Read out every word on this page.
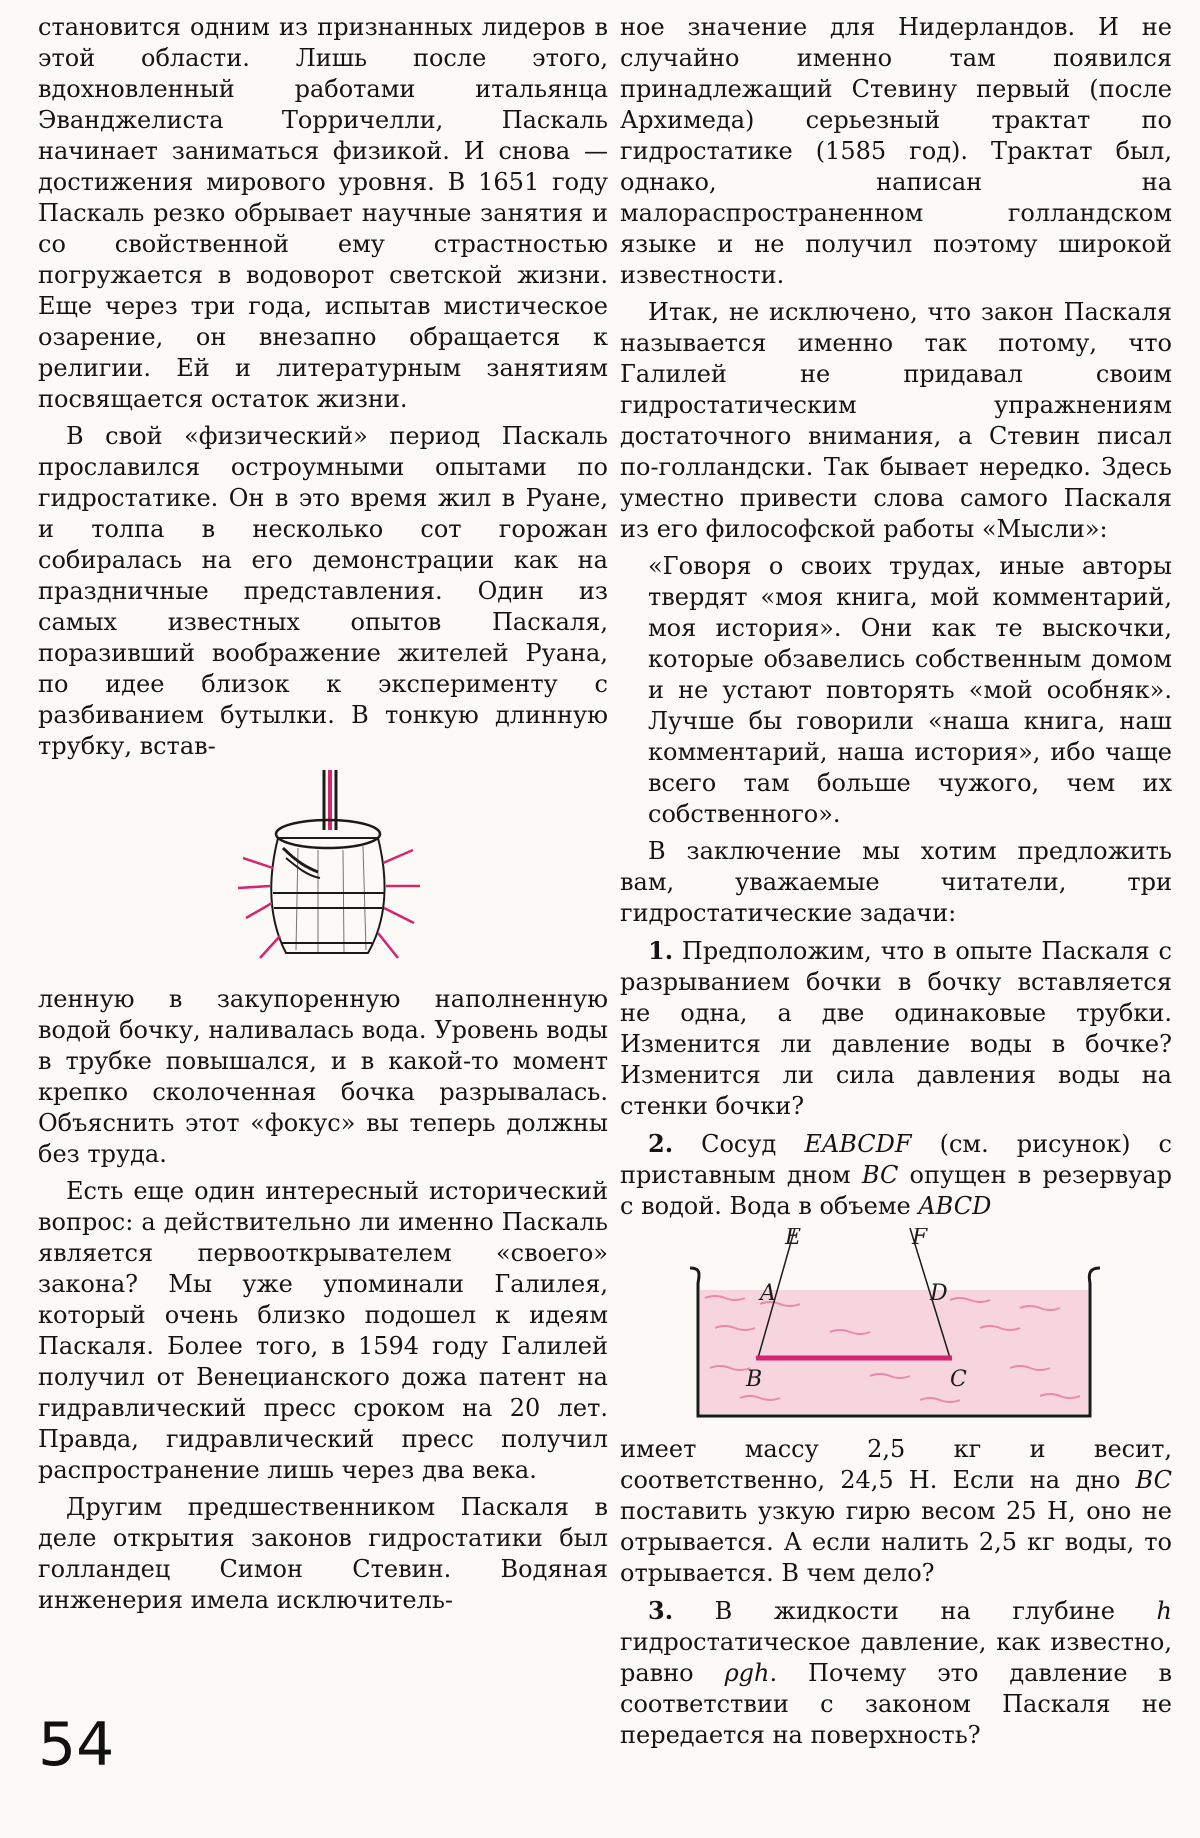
становится одним из признанных лидеров в этой области. Лишь после этого, вдохновленный работами итальянца Эванджелиста Торричелли, Паскаль начинает заниматься физикой. И снова — достижения мирового уровня. В 1651 году Паскаль резко обрывает научные занятия и со свойственной ему страстностью погружается в водоворот светской жизни. Еще через три года, испытав мистическое озарение, он внезапно обращается к религии. Ей и литературным занятиям посвящается остаток жизни.

В свой «физический» период Паскаль прославился остроумными опытами по гидростатике. Он в это время жил в Руане, и толпа в несколько сот горожан собиралась на его демонстрации как на праздничные представления. Один из самых известных опытов Паскаля, поразивший воображение жителей Руана, по идее близок к эксперименту с разбиванием бутылки. В тонкую длинную трубку, встав-

ленную в закупоренную наполненную водой бочку, наливалась вода. Уровень воды в трубке повышался, и в какой-то момент крепко сколоченная бочка разрывалась. Объяснить этот «фокус» вы теперь должны без труда.

Есть еще один интересный исторический вопрос: а действительно ли именно Паскаль является первооткрывателем «своего» закона? Мы уже упоминали Галилея, который очень близко подошел к идеям Паскаля. Более того, в 1594 году Галилей получил от Венецианского дожа патент на гидравлический пресс сроком на 20 лет. Правда, гидравлический пресс получил распространение лишь через два века.

Другим предшественником Паскаля в деле открытия законов гидростатики был голландец Симон Стевин. Водяная инженерия имела исключитель-

ное значение для Нидерландов. И не случайно именно там появился принадлежащий Стевину первый (после Архимеда) серьезный трактат по гидростатике (1585 год). Трактат был, однако, написан на малораспространенном голландском языке и не получил поэтому широкой известности.

Итак, не исключено, что закон Паскаля называется именно так потому, что Галилей не придавал своим гидростатическим упражнениям достаточного внимания, а Стевин писал по-голландски. Так бывает нередко. Здесь уместно привести слова самого Паскаля из его философской работы «Мысли»:

«Говоря о своих трудах, иные авторы твердят «моя книга, мой комментарий, моя история». Они как те выскочки, которые обзавелись собственным домом и не устают повторять «мой особняк». Лучше бы говорили «наша книга, наш комментарий, наша история», ибо чаще всего там больше чужого, чем их собственного».

В заключение мы хотим предложить вам, уважаемые читатели, три гидростатические задачи:

1. Предположим, что в опыте Паскаля с разрыванием бочки в бочку вставляется не одна, а две одинаковые трубки. Изменится ли давление воды в бочке? Изменится ли сила давления воды на стенки бочки?

2. Сосуд EABCDF (см. рисунок) с приставным дном BC опущен в резервуар с водой. Вода в объеме ABCD

E	F
A	D
B	C

имеет массу 2,5 кг и весит, соответственно, 24,5 Н. Если на дно BC поставить узкую гирю весом 25 Н, оно не отрывается. А если налить 2,5 кг воды, то отрывается. В чем дело?

3. В жидкости на глубине h гидростатическое давление, как известно, равно ρgh. Почему это давление в соответствии с законом Паскаля не передается на поверхность?

54
